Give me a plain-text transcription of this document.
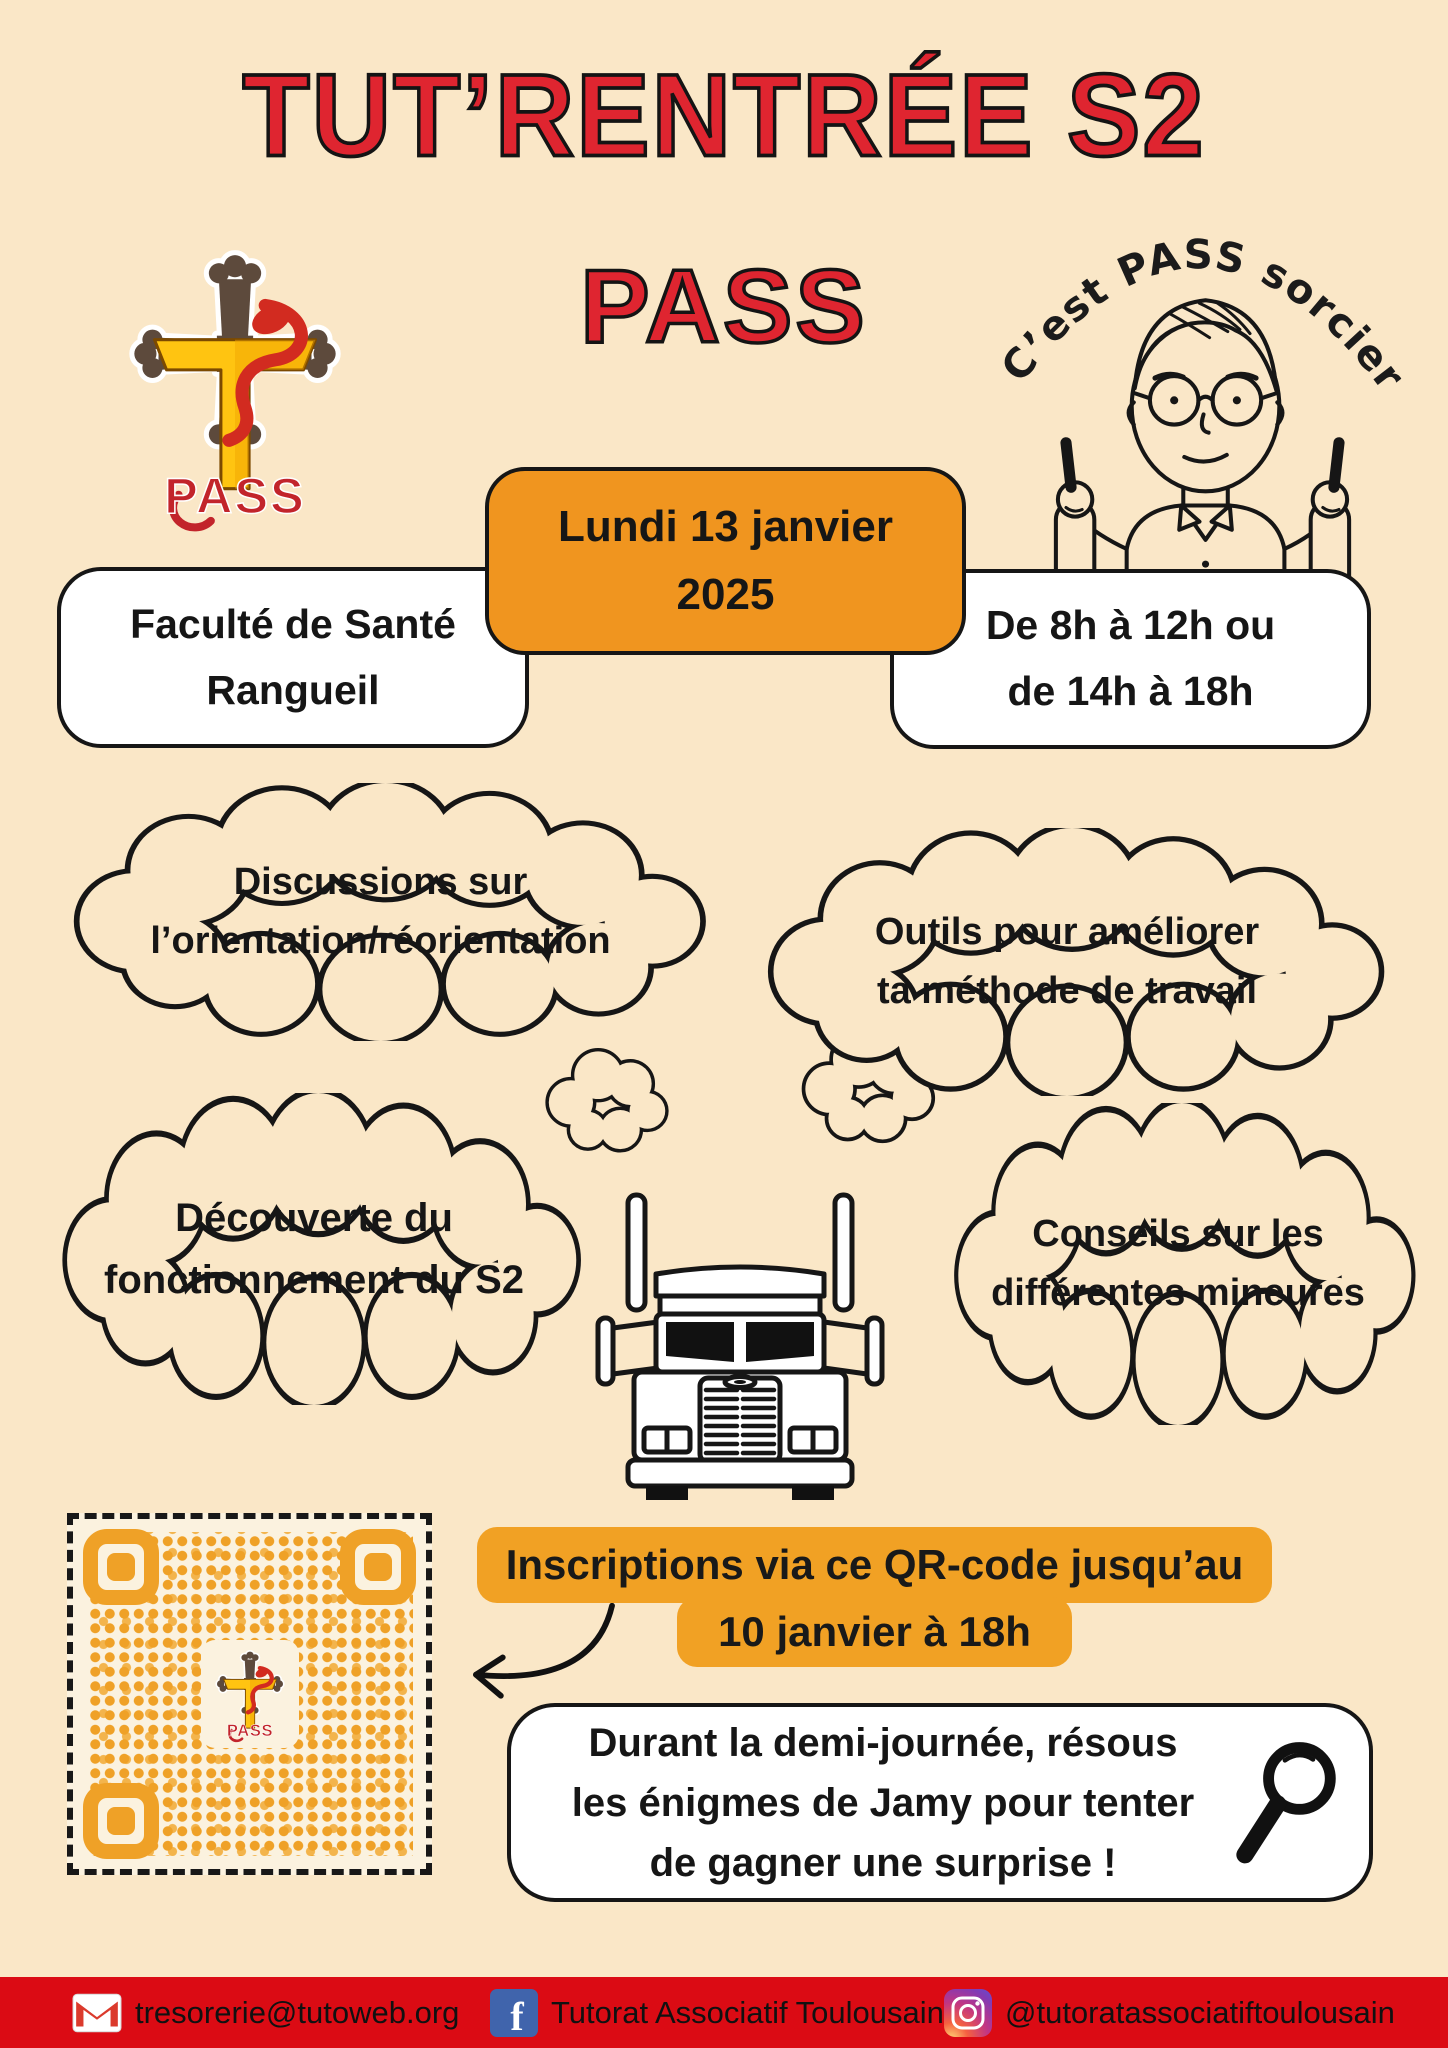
TUT’RENTRÉE S2
PASS	C’est PASS sorcier
Lundi 13 janvier
2025
Faculté de Santé
Rangueil
De 8h à 12h ou
de 14h à 18h
Discussions sur
l’orientation/réorientation	Outils pour améliorer
ta méthode de travail
Découverte du
fonctionnement du S2
Conseils sur les
différentes mineures
Inscriptions via ce QR-code jusqu’au
10 janvier à 18h
Durant la demi-journée, résous
les énigmes de Jamy pour tenter
de gagner une surprise !
tresorerie@tutoweb.org f Tutorat Associatif Toulousain @tutoratassociatiftoulousain
